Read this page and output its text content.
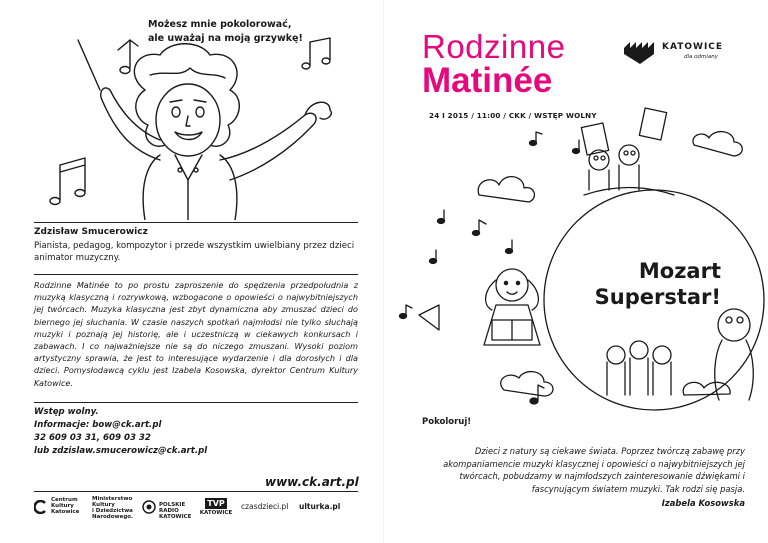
Możesz mnie pokolorować,
ale uważaj na moją grzywkę!
Zdzisław Smucerowicz
Pianista, pedagog, kompozytor i przede wszystkim uwielbiany przez dzieci animator muzyczny.
Rodzinne Matinée to po prostu zaproszenie do spędzenia przedpołudnia z muzyką klasyczną i rozrywkową, wzbogacone o opowieści o najwybitniejszych jej twórcach. Muzyka klasyczna jest zbyt dynamiczna aby zmuszać dzieci do biernego jej słuchania. W czasie naszych spotkań najmłodsi nie tylko słuchają muzyki i poznają jej historię, ale i uczestniczą w ciekawych konkursach i zabawach. I co najważniejsze nie są do niczego zmuszani. Wysoki poziom artystyczny sprawia, że jest to interesujące wydarzenie i dla dorosłych i dla dzieci. Pomysłodawcą cyklu jest Izabela Kosowska, dyrektor Centrum Kultury Katowice.
Wstęp wolny.
Informacje: bow@ck.art.pl
32 609 03 31, 609 03 32
lub zdzislaw.smucerowicz@ck.art.pl
www.ck.art.pl
Centrum
Kultury
Katowice
Ministerstwo
Kultury
i Dziedzictwa
Narodowego.
POLSKIE RADIO
KATOWICE
TVP
KATOWICE
czasdzieci.pl ulturka.pl
Rodzinne
Matinée
24 I 2015 / 11:00 / CKK / WSTĘP WOLNY
KATOWICE
dla odmiany
Mozart
Superstar!
Pokoloruj!
Dzieci z natury są ciekawe świata. Poprzez twórczą zabawę przy akompaniamencie muzyki klasycznej i opowieści o najwybitniejszych jej twórcach, pobudzamy w najmłodszych zainteresowanie dźwiękami i fascynującym światem muzyki. Tak rodzi się pasja.
Izabela Kosowska
